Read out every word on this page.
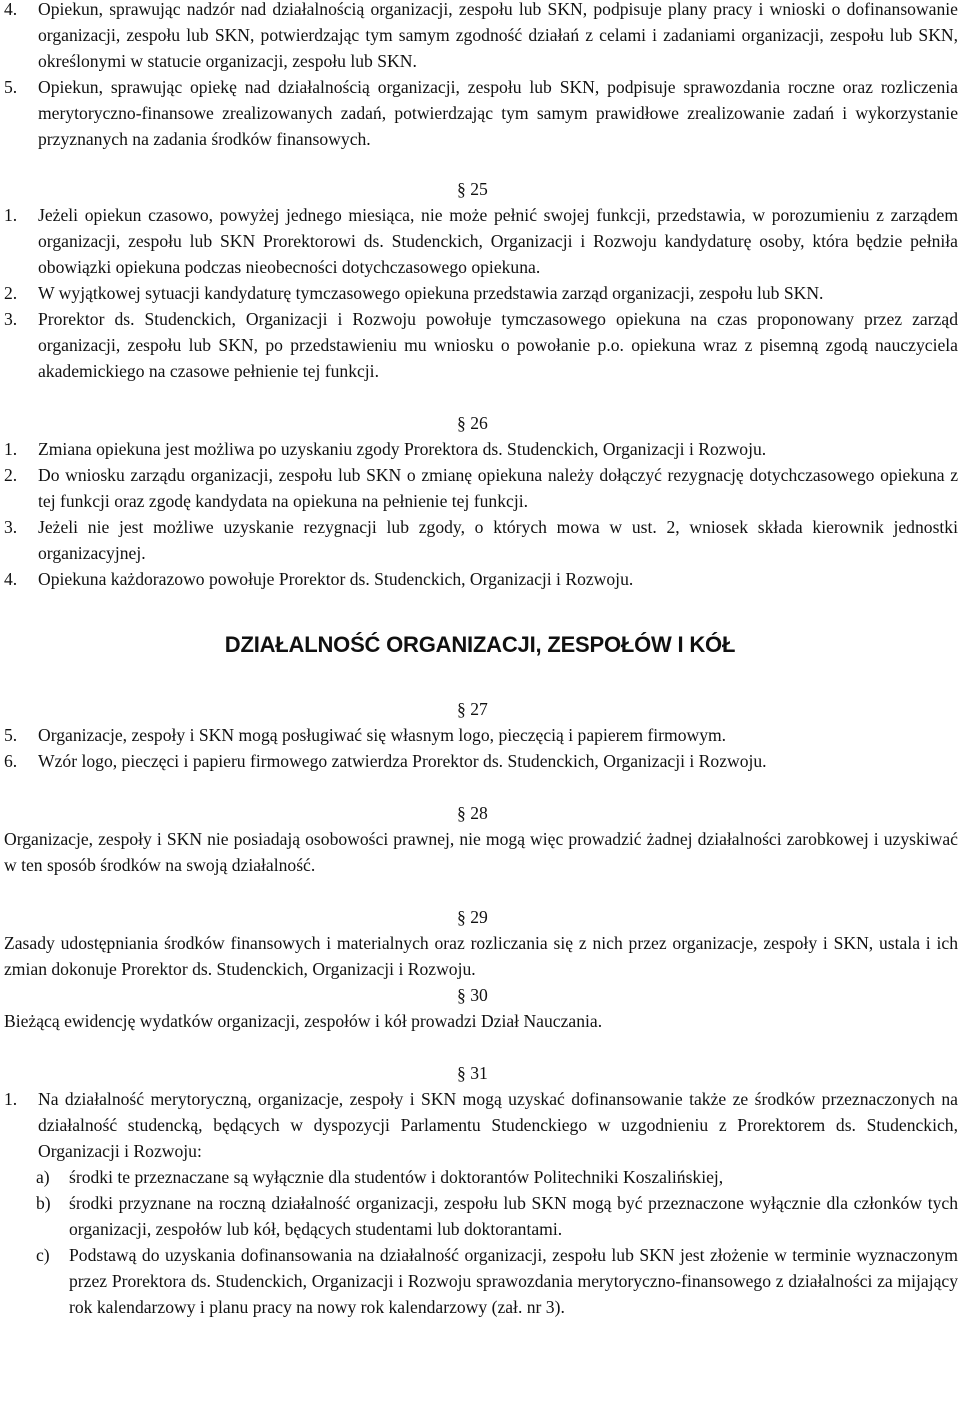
4.	Opiekun, sprawując nadzór nad działalnością organizacji, zespołu lub SKN, podpisuje plany pracy i wnioski o dofinansowanie organizacji, zespołu lub SKN, potwierdzając tym samym zgodność działań z celami i zadaniami organizacji, zespołu lub SKN, określonymi w statucie organizacji, zespołu lub SKN.
5.	Opiekun, sprawując opiekę nad działalnością organizacji, zespołu lub SKN, podpisuje sprawozdania roczne oraz rozliczenia merytoryczno-finansowe zrealizowanych zadań, potwierdzając tym samym prawidłowe zrealizowanie zadań i wykorzystanie przyznanych na zadania środków finansowych.
§ 25
1.	Jeżeli opiekun czasowo, powyżej jednego miesiąca, nie może pełnić swojej funkcji, przedstawia, w porozumieniu z zarządem organizacji, zespołu lub SKN Prorektorowi ds. Studenckich, Organizacji i Rozwoju kandydaturę osoby, która będzie pełniła obowiązki opiekuna podczas nieobecności dotychczasowego opiekuna.
2.	W wyjątkowej sytuacji kandydaturę tymczasowego opiekuna przedstawia zarząd organizacji, zespołu lub SKN.
3.	Prorektor ds. Studenckich, Organizacji i Rozwoju powołuje tymczasowego opiekuna na czas proponowany przez zarząd organizacji, zespołu lub SKN, po przedstawieniu mu wniosku o powołanie p.o. opiekuna wraz z pisemną zgodą nauczyciela akademickiego na czasowe pełnienie tej funkcji.
§ 26
1.	Zmiana opiekuna jest możliwa po uzyskaniu zgody Prorektora ds. Studenckich, Organizacji i Rozwoju.
2.	Do wniosku zarządu organizacji, zespołu lub SKN o zmianę opiekuna należy dołączyć rezygnację dotychczasowego opiekuna z tej funkcji oraz zgodę kandydata na opiekuna na pełnienie tej funkcji.
3.	Jeżeli nie jest możliwe uzyskanie rezygnacji lub zgody, o których mowa w ust. 2, wniosek składa kierownik jednostki organizacyjnej.
4.	Opiekuna każdorazowo powołuje Prorektor ds. Studenckich, Organizacji i Rozwoju.
DZIAŁALNOŚĆ ORGANIZACJI, ZESPOŁÓW I KÓŁ
§ 27
5.	Organizacje, zespoły i SKN mogą posługiwać się własnym logo, pieczęcią i papierem firmowym.
6.	Wzór logo, pieczęci i papieru firmowego zatwierdza Prorektor ds. Studenckich, Organizacji i Rozwoju.
§ 28
Organizacje, zespoły i SKN nie posiadają osobowości prawnej, nie mogą więc prowadzić żadnej działalności zarobkowej i uzyskiwać w ten sposób środków na swoją działalność.
§ 29
Zasady udostępniania środków finansowych i materialnych oraz rozliczania się z nich przez organizacje, zespoły i SKN, ustala i ich zmian dokonuje Prorektor ds. Studenckich, Organizacji i Rozwoju.
§ 30
Bieżącą ewidencję wydatków organizacji, zespołów i kół prowadzi Dział Nauczania.
§ 31
1.	Na działalność merytoryczną, organizacje, zespoły i SKN mogą uzyskać dofinansowanie także ze środków przeznaczonych na działalność studencką, będących w dyspozycji Parlamentu Studenckiego w uzgodnieniu z Prorektorem ds. Studenckich, Organizacji i Rozwoju:
a)	środki te przeznaczane są wyłącznie dla studentów i doktorantów Politechniki Koszalińskiej,
b)	środki przyznane na roczną działalność organizacji, zespołu lub SKN mogą być przeznaczone wyłącznie dla członków tych organizacji, zespołów lub kół, będących studentami lub doktorantami.
c)	Podstawą do uzyskania dofinansowania na działalność organizacji, zespołu lub SKN jest złożenie w terminie wyznaczonym przez Prorektora ds. Studenckich, Organizacji i Rozwoju sprawozdania merytoryczno-finansowego z działalności za mijający rok kalendarzowy i planu pracy na nowy rok kalendarzowy (zał. nr 3).
